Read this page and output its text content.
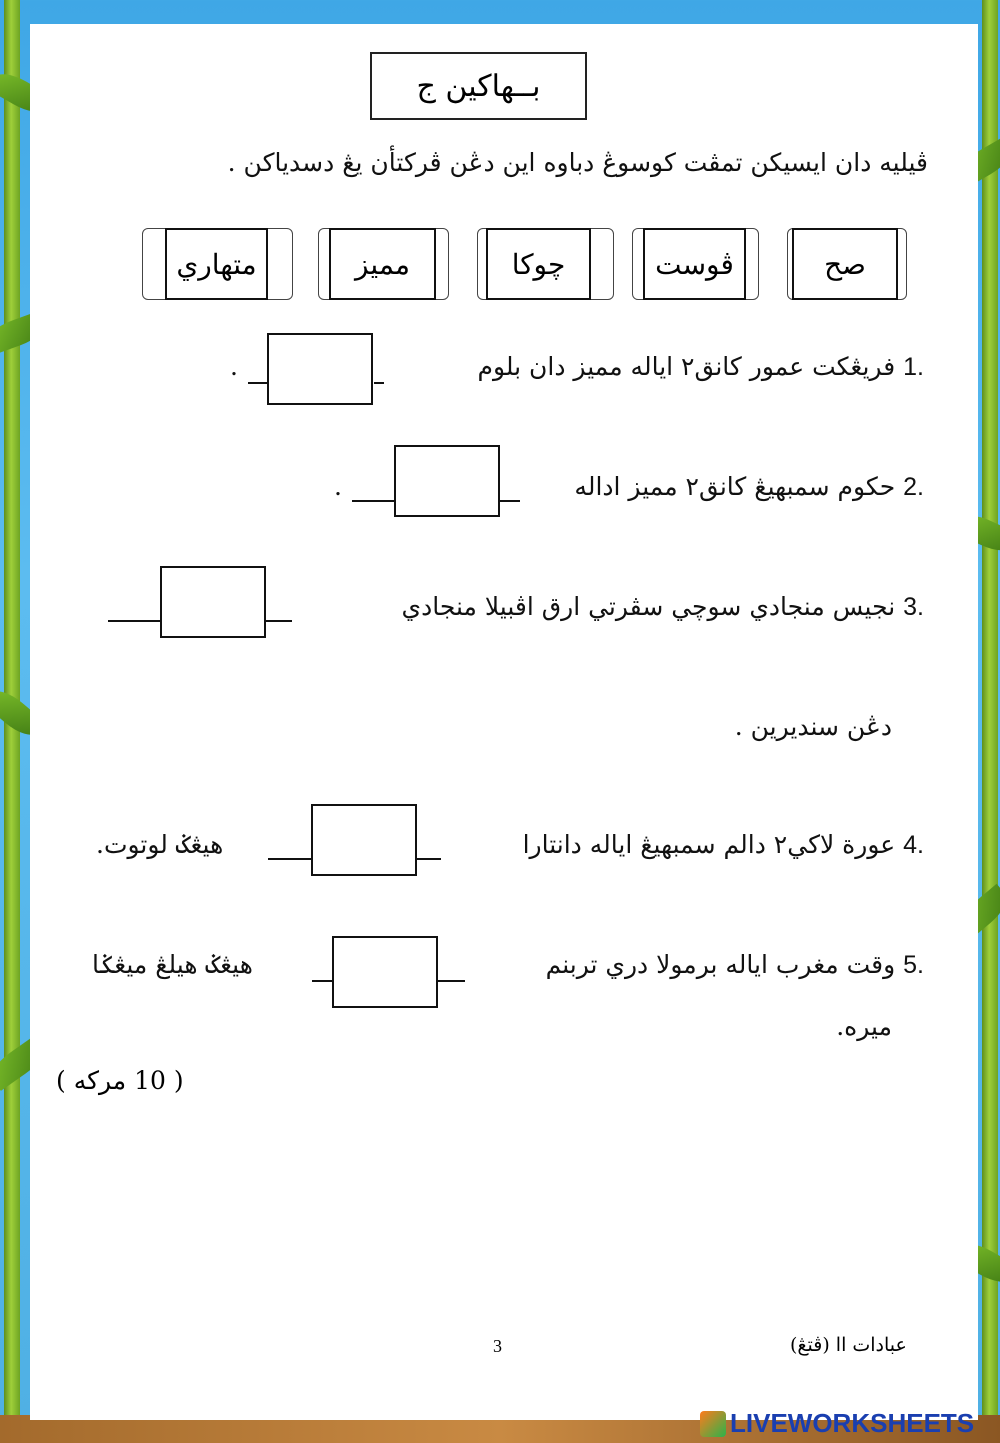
بــهاكين ج
ڤيليه دان ايسيكن تمڤت كوسوڠ دباوه اين دڠن ڤركتأن يڠ دسدياكن .
صح
ڤوست
چوكا
مميز
متهاري
.1 فريڠكت عمور كانق٢ اياله مميز دان بلوم
.
.2 حكوم سمبهيڠ كانق٢ مميز اداله
.
.3 نجيس منجادي سوچي سڤرتي ارق اڤبيلا منجادي
دڠن سنديرين .
.4 عورة لاكي٢ دالم سمبهيڠ اياله دانتارا
هيڠݢ لوتوت.
.5 وقت مغرب اياله برمولا دري تربنم
هيڠݢ هيلڠ ميڠݢا
ميره.
( 10 مركه )
عبادات اا (ڤتڠ)
3
LIVEWORKSHEETS
